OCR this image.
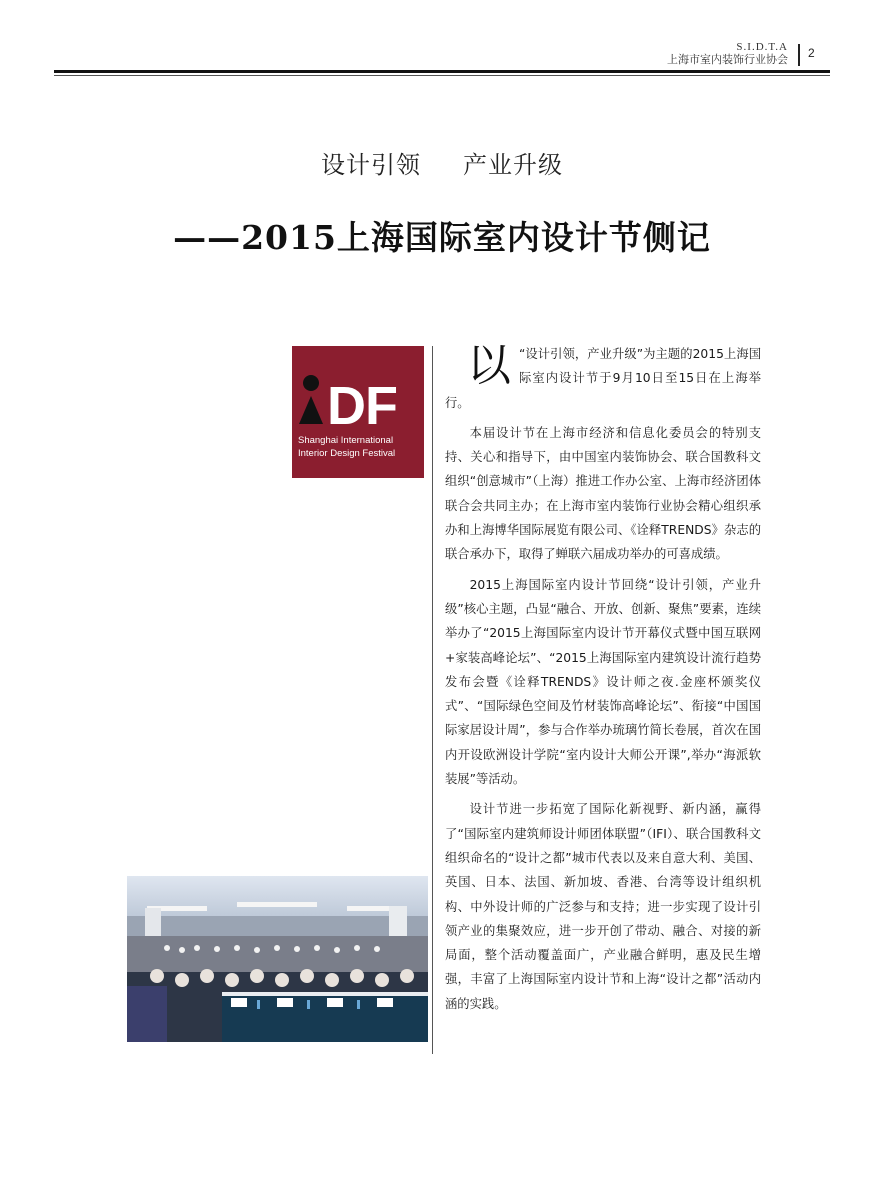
S.I.D.T.A
上海市室内装饰行业协会 2
设计引领 产业升级
——2015上海国际室内设计节侧记
DF
Shanghai International
Interior Design Festival

以 “设计引领，产业升级”为主题的2015上海国际室内设计节于9月10日至15日在上海举行。

本届设计节在上海市经济和信息化委员会的特别支持、关心和指导下，由中国室内装饰协会、联合国教科文组织“创意城市”（上海）推进工作办公室、上海市经济团体联合会共同主办；在上海市室内装饰行业协会精心组织承办和上海博华国际展览有限公司、《诠释TRENDS》杂志的联合承办下，取得了蝉联六届成功举办的可喜成绩。

2015上海国际室内设计节回绕“设计引领，产业升级”核心主题，凸显“融合、开放、创新、聚焦”要素，连续举办了“2015上海国际室内设计节开幕仪式暨中国互联网+家装高峰论坛”、“2015上海国际室内建筑设计流行趋势发布会暨《诠释TRENDS》设计师之夜.金座杯颁奖仪式”、“国际绿色空间及竹材装饰高峰论坛”、衔接“中国国际家居设计周”，参与合作举办琉璃竹简长卷展，首次在国内开设欧洲设计学院“室内设计大师公开课”,举办“海派软装展”等活动。

设计节进一步拓宽了国际化新视野、新内涵，赢得了“国际室内建筑师设计师团体联盟”（IFI）、联合国教科文组织命名的“设计之都”城市代表以及来自意大利、美国、英国、日本、法国、新加坡、香港、台湾等设计组织机构、中外设计师的广泛参与和支持；进一步实现了设计引领产业的集聚效应，进一步开创了带动、融合、对接的新局面，整个活动覆盖面广，产业融合鲜明，惠及民生增强，丰富了上海国际室内设计节和上海“设计之都”活动内涵的实践。
